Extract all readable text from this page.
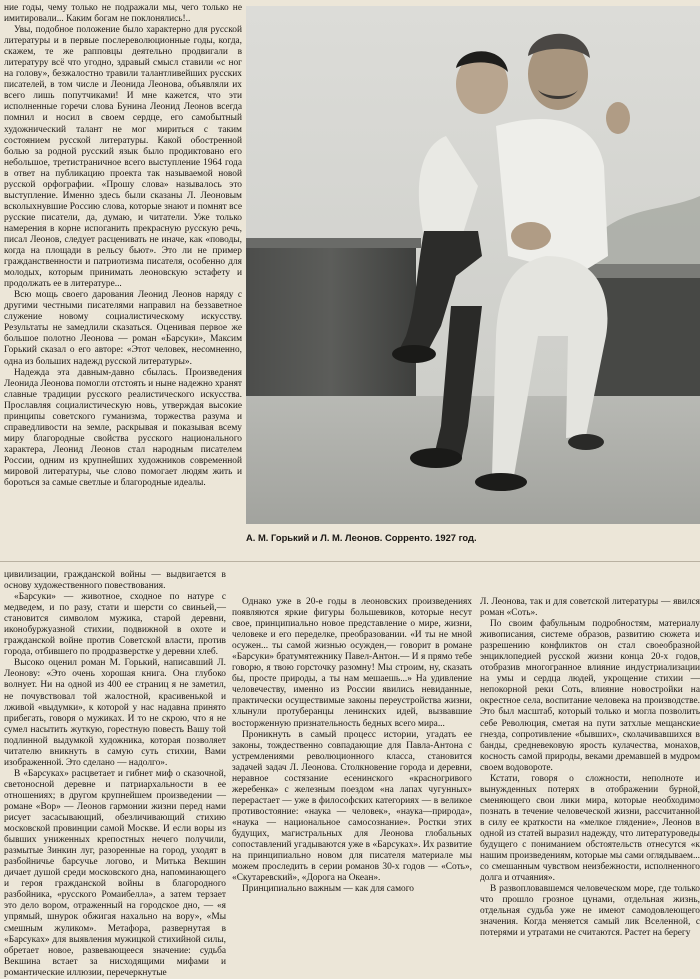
ние годы, чему только не подражали мы, чего только не имитировали... Каким богам не поклонялись!..

Увы, подобное положение было характерно для русской литературы и в первые послереволюционные годы, когда, скажем, те же рапповцы деятельно продвигали в литературу всё что угодно, здравый смысл ставили «с ног на голову», безжалостно травили талантливейших русских писателей, в том числе и Леонида Леонова, объявляли их всего лишь попутчиками! И мне кажется, что эти исполненные горечи слова Бунина Леонид Леонов всегда помнил и носил в своем сердце, его самобытный художнический талант не мог мириться с таким состоянием русской литературы. Какой обостренной болью за родной русский язык было продиктовано его небольшое, третистраничное всего выступление 1964 года в ответ на публикацию проекта так называемой новой русской орфографии. «Прошу слова» называлось это выступление. Именно здесь были сказаны Л. Леоновым всколыхнувшие Россию слова, которые знают и помнят все русские писатели, да, думаю, и читатели. Уже только намерения в корне испоганить прекрасную русскую речь, писал Леонов, следует расценивать не иначе, как «поводы, когда на площади в рельсу бьют». Это ли не пример гражданственности и патриотизма писателя, особенно для молодых, которым принимать леоновскую эстафету и продолжать ее в литературе...

Всю мощь своего дарования Леонид Леонов наряду с другими честными писателями направил на беззаветное служение новому социалистическому искусству. Результаты не замедлили сказаться. Оценивая первое же большое полотно Леонова — роман «Барсуки», Максим Горький сказал о его авторе: «Этот человек, несомненно, одна из больших надежд русской литературы».

Надежда эта давным-давно сбылась. Произведения Леонида Леонова помогли отстоять и ныне надежно хранят славные традиции русского реалистического искусства. Прославляя социалистическую новь, утверждая высокие принципы советского гуманизма, торжества разума и справедливости на земле, раскрывая и показывая всему миру благородные свойства русского национального характера, Леонид Леонов стал народным писателем России, одним из крупнейших художников современной мировой литературы, чье слово помогает людям жить и бороться за самые светлые и благородные идеалы.

А. М. Горький и Л. М. Леонов. Сорренто. 1927 год.

цивилизации, гражданской войны — выдвигается в основу художественного повествования.

«Барсуки» — животное, сходное по натуре с медведем, и по разу, стати и шерсти со свиньей,— становится символом мужика, старой деревни, иконобуржуазной стихии, подвижной в охоте и гражданской войне против Советской власти, против города, отбившего по продразверстке у деревни хлеб.

Высоко оценил роман М. Горький, написавший Л. Леонову: «Это очень хорошая книга. Она глубоко волнует. Ни на одной из 400 ее страниц я не заметил, не почувствовал той жалостной, красивенькой и лживой «выдумки», к которой у нас надавна принято прибегать, говоря о мужиках. И то не скрою, что я не сумел насытить жуткую, горестную повесть Вашу той подлинной выдумкой художника, которая позволяет читателю вникнуть в самую суть стихии, Вами изображенной. Это сделано — надолго».

В «Барсуках» расцветает и гибнет миф о сказочной, светоносной деревне и патриархальности в ее отношениях; в другом крупнейшем произведении — романе «Вор» — Леонов гармонии жизни перед нами рисует засасывающий, обезличивающий стихию московской провинции самой Москве. И если воры из бывших униженных крепостных нечего получили, размытые Зинкин луг, разоренные на город, уходят в разбойничье барсучье логово, и Митька Векшин дичает душой среди московского дна, напоминающего и героя гражданской войны в благородного разбойника, «русского Ромаибелла», а затем терзает это дело вором, отраженный на городское дно, — «я упрямый, шнурок обжигая нахально на вору», «Мы смешным жуликом». Метафора, развернутая в «Барсуках» для выявления мужицкой стихийной силы, обретает новое, развевающееся значение: судьба Векшина встает за нисходящими мифами и романтические иллюзии, перечеркнутые

Однако уже в 20-е годы в леоновских произведениях появляются яркие фигуры большевиков, которые несут свое, принципиально новое представление о мире, жизни, человеке и его переделке, преобразовании. «И ты не мной осужен... ты самой жизнью осужден,— говорит в романе «Барсуки» братумятежнику Павел-Антон.— И я прямо тебе говорю, я твою горсточку разомну! Мы строим, ну, сказать бы, просте природы, а ты нам мешаешь...» На удивление человечеству, именно из России явились невиданные, практически осуществимые законы переустройства жизни, хлынули протуберанцы ленинских идей, вызвавшие восторженную признательность бедных всего мира...

Проникнуть в самый процесс истории, угадать ее законы, тождественно совпадающие для Павла-Антона с устремлениями революционного класса, становится задачей задач Л. Леонова. Столкновение города и деревни, неравное состязание есенинского «красногривого жеребенка» с железным поездом «на лапах чугунных» перерастает — уже в философских категориях — в великое противостояние: «наука — человек», «наука—природа», «наука — национальное самосознание». Ростки этих будущих, магистральных для Леонова глобальных сопоставлений угадываются уже в «Барсуках». Их развитие на принципиально новом для писателя материале мы можем проследить в серии романов 30-х годов — «Соть», «Скутаревский», «Дорога на Океан».

Принципиально важным — как для самого

Л. Леонова, так и для советской литературы — явился роман «Соть».

По своим фабульным подробностям, материалу живописания, системе образов, развитию сюжета и разрешению конфликтов он стал своеобразной энциклопедией русской жизни конца 20-х годов, отобразив многогранное влияние индустриализации на умы и сердца людей, укрощение стихии — непокорной реки Соть, влияние новостройки на окрестное села, воспитание человека на производстве. Это был масштаб, который только и могла позволить себе Революция, сметая на пути затхлые мещанские гнезда, сопротивление «бывших», сколачивавшихся в банды, средневековую ярость кулачества, монахов, косность самой природы, веками дремавшей в мудром своем водовороте.

Кстати, говоря о сложности, неполноте и вынужденных потерях в отображении бурной, сменяющего свои лики мира, которые необходимо познать в течение человеческой жизни, рассчитанной в силу ее краткости на «мелкое глядение», Леонов в одной из статей выразил надежду, что литературоведы будущего с пониманием обстоятельств отнесутся «к нашим произведениям, которые мы сами оглядываем... со смешанным чувством неизбежности, исполненного долга и отчаяния».

В развопловавшемся человеческом море, где только что прошло грозное цунами, отдельная жизнь, отдельная судьба уже не имеют самодовлеющего значения. Когда меняется самый лик Вселенной, с потерями и утратами не считаются. Растет на берегу
